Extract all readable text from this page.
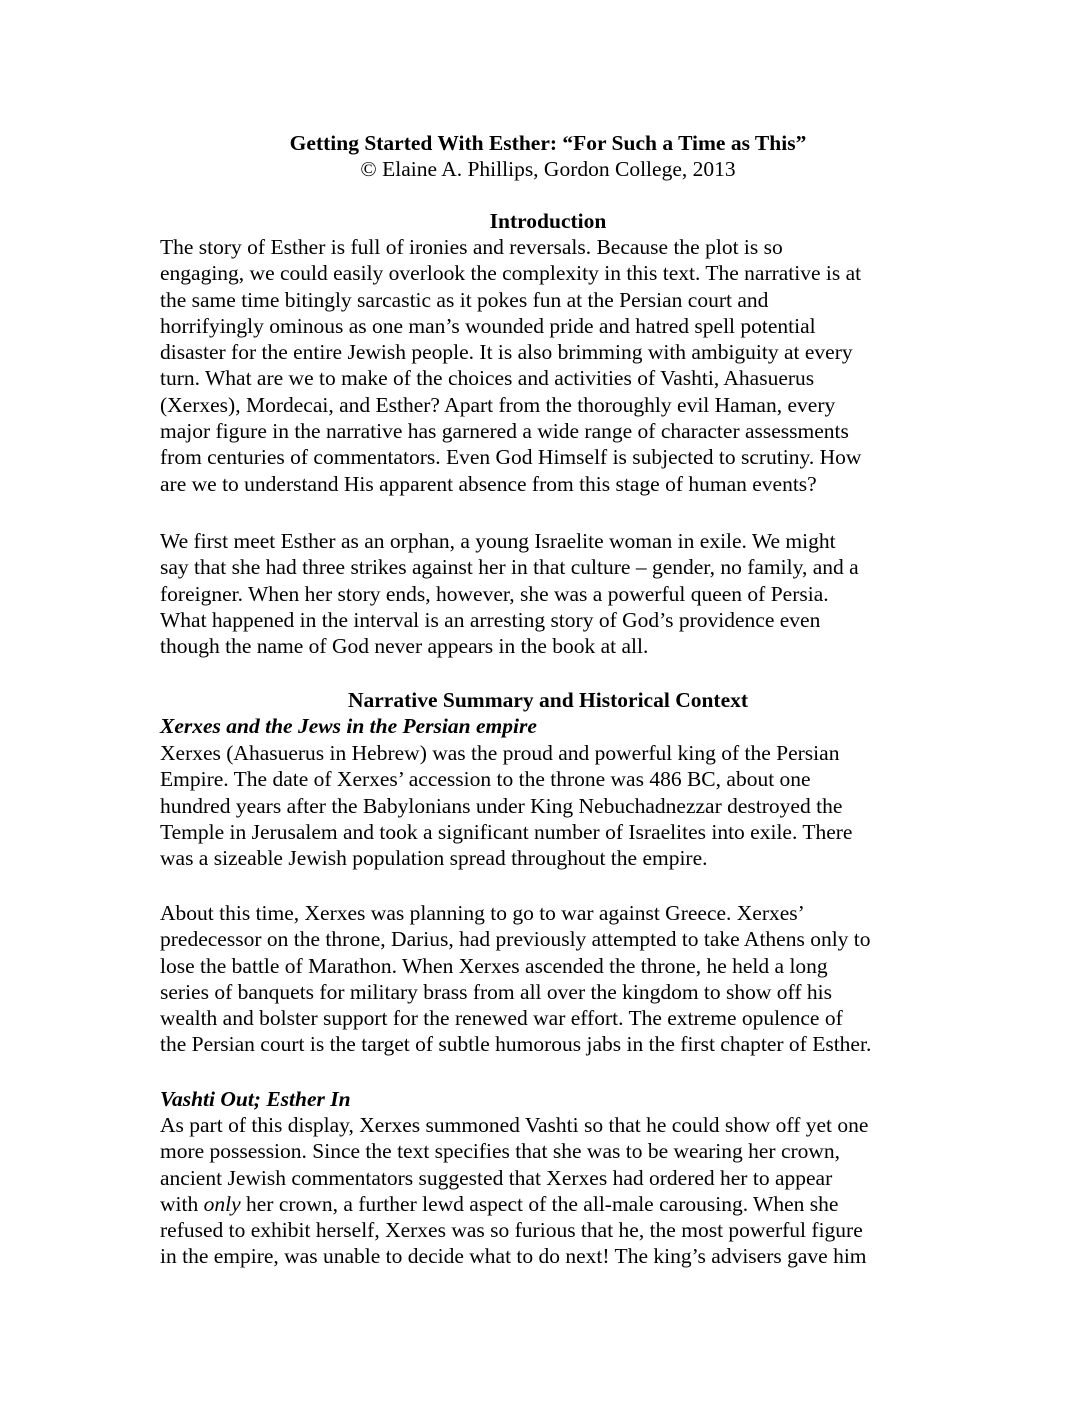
Getting Started With Esther: “For Such a Time as This”
© Elaine A. Phillips, Gordon College, 2013
Introduction
The story of Esther is full of ironies and reversals. Because the plot is so
engaging, we could easily overlook the complexity in this text. The narrative is at
the same time bitingly sarcastic as it pokes fun at the Persian court and
horrifyingly ominous as one man’s wounded pride and hatred spell potential
disaster for the entire Jewish people. It is also brimming with ambiguity at every
turn. What are we to make of the choices and activities of Vashti, Ahasuerus
(Xerxes), Mordecai, and Esther? Apart from the thoroughly evil Haman, every
major figure in the narrative has garnered a wide range of character assessments
from centuries of commentators. Even God Himself is subjected to scrutiny. How
are we to understand His apparent absence from this stage of human events?
We first meet Esther as an orphan, a young Israelite woman in exile. We might
say that she had three strikes against her in that culture – gender, no family, and a
foreigner. When her story ends, however, she was a powerful queen of Persia.
What happened in the interval is an arresting story of God’s providence even
though the name of God never appears in the book at all.
Narrative Summary and Historical Context
Xerxes and the Jews in the Persian empire
Xerxes (Ahasuerus in Hebrew) was the proud and powerful king of the Persian
Empire. The date of Xerxes’ accession to the throne was 486 BC, about one
hundred years after the Babylonians under King Nebuchadnezzar destroyed the
Temple in Jerusalem and took a significant number of Israelites into exile. There
was a sizeable Jewish population spread throughout the empire.
About this time, Xerxes was planning to go to war against Greece. Xerxes’
predecessor on the throne, Darius, had previously attempted to take Athens only to
lose the battle of Marathon. When Xerxes ascended the throne, he held a long
series of banquets for military brass from all over the kingdom to show off his
wealth and bolster support for the renewed war effort. The extreme opulence of
the Persian court is the target of subtle humorous jabs in the first chapter of Esther.
Vashti Out; Esther In
As part of this display, Xerxes summoned Vashti so that he could show off yet one
more possession. Since the text specifies that she was to be wearing her crown,
ancient Jewish commentators suggested that Xerxes had ordered her to appear
with only her crown, a further lewd aspect of the all-male carousing. When she
refused to exhibit herself, Xerxes was so furious that he, the most powerful figure
in the empire, was unable to decide what to do next! The king’s advisers gave him
